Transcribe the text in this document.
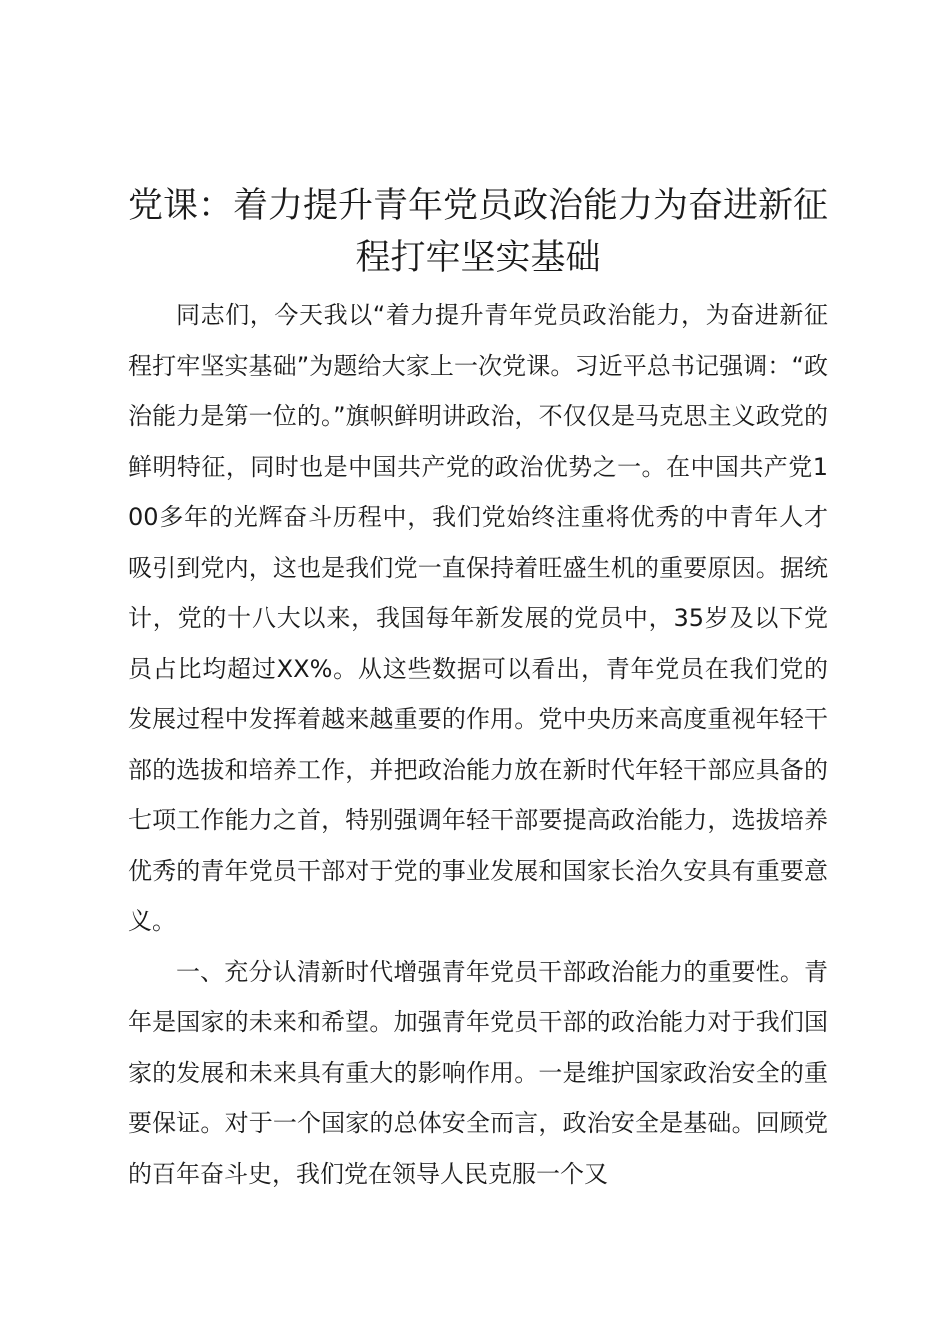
党课：着力提升青年党员政治能力为奋进新征程打牢坚实基础

同志们，今天我以“着力提升青年党员政治能力，为奋进新征程打牢坚实基础”为题给大家上一次党课。习近平总书记强调：“政治能力是第一位的。”旗帜鲜明讲政治，不仅仅是马克思主义政党的鲜明特征，同时也是中国共产党的政治优势之一。在中国共产党100多年的光辉奋斗历程中，我们党始终注重将优秀的中青年人才吸引到党内，这也是我们党一直保持着旺盛生机的重要原因。据统计，党的十八大以来，我国每年新发展的党员中，35岁及以下党员占比均超过XX%。从这些数据可以看出，青年党员在我们党的发展过程中发挥着越来越重要的作用。党中央历来高度重视年轻干部的选拔和培养工作，并把政治能力放在新时代年轻干部应具备的七项工作能力之首，特别强调年轻干部要提高政治能力，选拔培养优秀的青年党员干部对于党的事业发展和国家长治久安具有重要意义。

一、充分认清新时代增强青年党员干部政治能力的重要性。青年是国家的未来和希望。加强青年党员干部的政治能力对于我们国家的发展和未来具有重大的影响作用。一是维护国家政治安全的重要保证。对于一个国家的总体安全而言，政治安全是基础。回顾党的百年奋斗史，我们党在领导人民克服一个又
